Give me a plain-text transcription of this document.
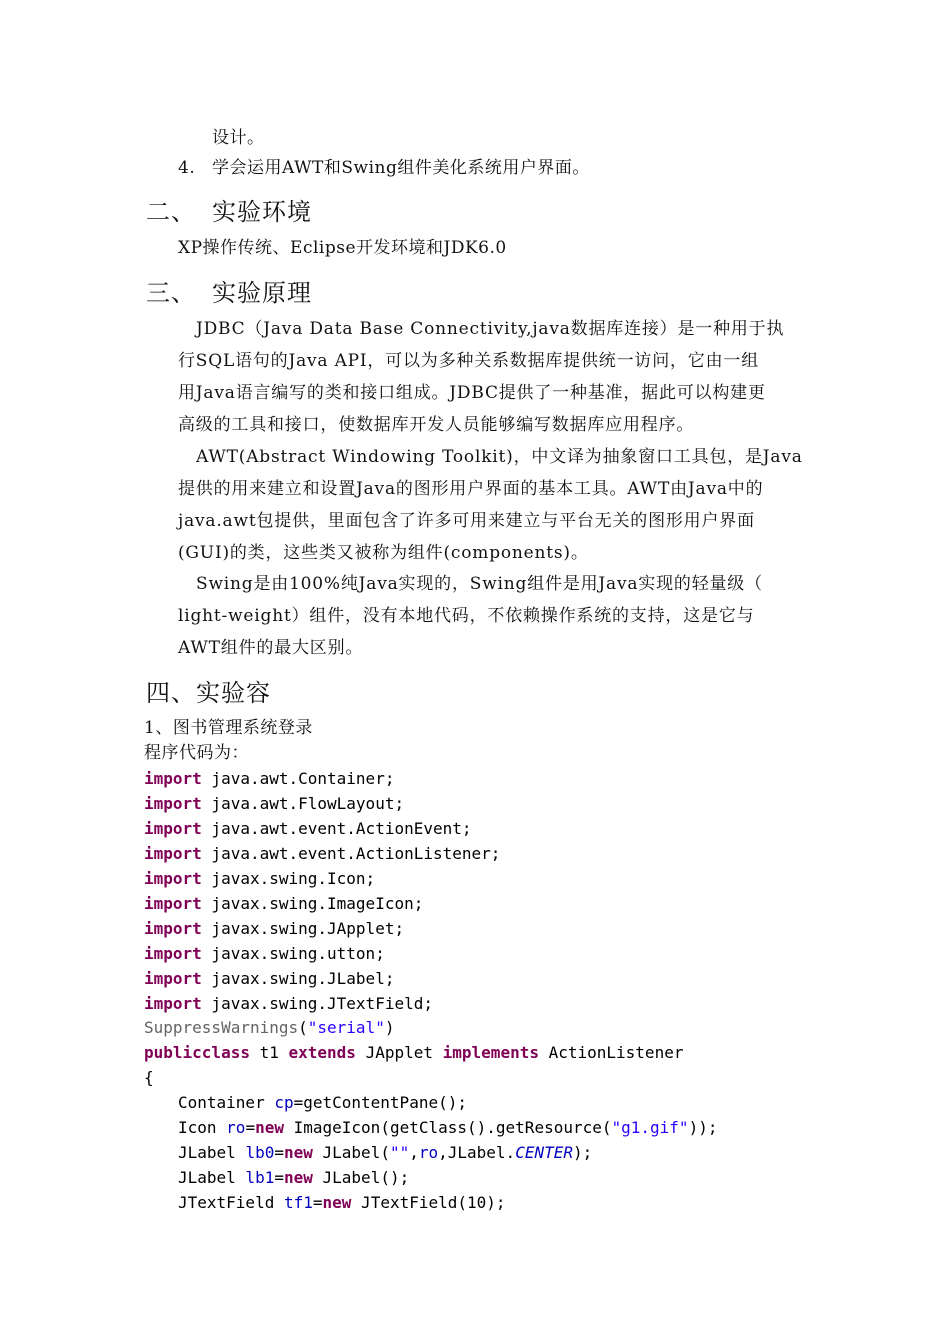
设计。
4. 学会运用AWT和Swing组件美化系统用户界面。
二、 实验环境
XP操作传统、Eclipse开发环境和JDK6.0
三、 实验原理
JDBC（Java Data Base Connectivity,java数据库连接）是一种用于执
行SQL语句的Java API，可以为多种关系数据库提供统一访问，它由一组
用Java语言编写的类和接口组成。JDBC提供了一种基准，据此可以构建更
高级的工具和接口，使数据库开发人员能够编写数据库应用程序。
AWT(Abstract Windowing Toolkit)，中文译为抽象窗口工具包，是Java
提供的用来建立和设置Java的图形用户界面的基本工具。AWT由Java中的
java.awt包提供，里面包含了许多可用来建立与平台无关的图形用户界面
(GUI)的类，这些类又被称为组件(components)。
Swing是由100%纯Java实现的，Swing组件是用Java实现的轻量级（
light-weight）组件，没有本地代码，不依赖操作系统的支持，这是它与
AWT组件的最大区别。
四、实验容
1、图书管理系统登录
程序代码为：
import java.awt.Container;
import java.awt.FlowLayout;
import java.awt.event.ActionEvent;
import java.awt.event.ActionListener;
import javax.swing.Icon;
import javax.swing.ImageIcon;
import javax.swing.JApplet;
import javax.swing.utton;
import javax.swing.JLabel;
import javax.swing.JTextField;
SuppressWarnings("serial")
publicclass t1 extends JApplet implements ActionListener
{
Container cp=getContentPane();
Icon ro=new ImageIcon(getClass().getResource("g1.gif"));
JLabel lb0=new JLabel("",ro,JLabel.CENTER);
JLabel lb1=new JLabel();
JTextField tf1=new JTextField(10);
